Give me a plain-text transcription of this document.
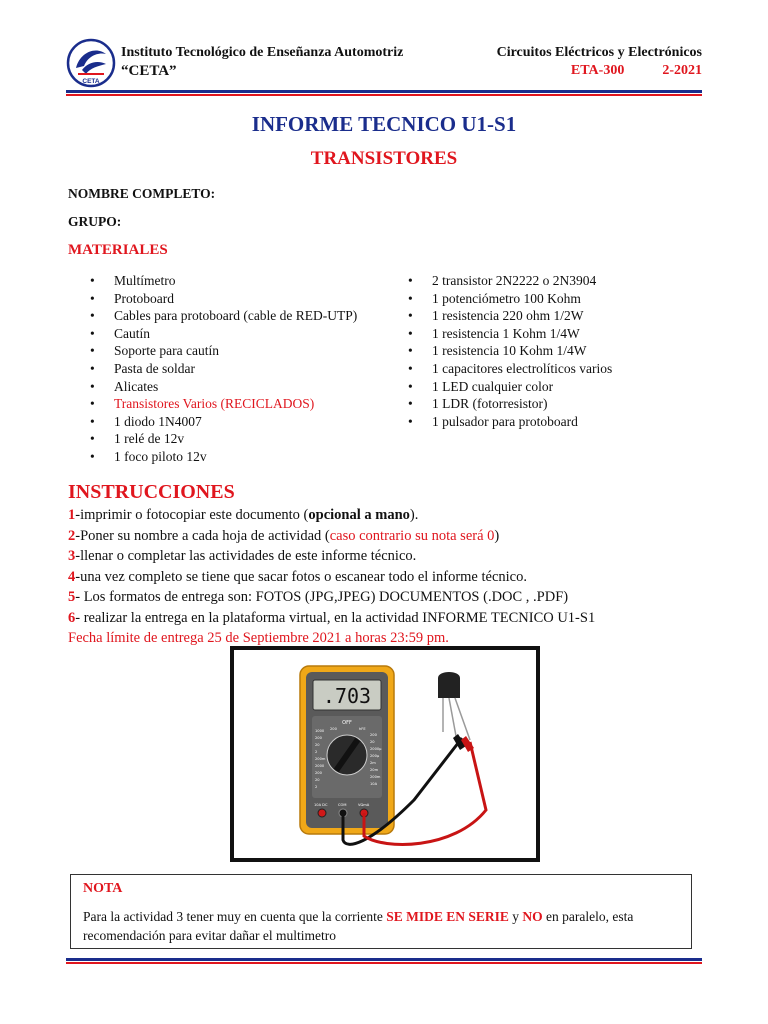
CETA
Instituto Tecnológico de Enseñanza Automotriz
“CETA”
Circuitos Eléctricos y Electrónicos
ETA-300	2-2021
INFORME TECNICO U1-S1
TRANSISTORES
NOMBRE COMPLETO:
GRUPO:
MATERIALES
• Multímetro
• Protoboard
• Cables para protoboard (cable de RED-UTP)
• Cautín
• Soporte para cautín
• Pasta de soldar
• Alicates
• Transistores Varios (RECICLADOS)
• 1 diodo 1N4007
• 1 relé de 12v
• 1 foco piloto 12v
• 2 transistor 2N2222 o 2N3904
• 1 potenciómetro 100 Kohm
• 1 resistencia 220 ohm 1/2W
• 1 resistencia 1 Kohm 1/4W
• 1 resistencia 10 Kohm 1/4W
• 1 capacitores electrolíticos varios
• 1 LED cualquier color
• 1 LDR (fotorresistor)
• 1 pulsador para protoboard
INSTRUCCIONES

1-imprimir o fotocopiar este documento (opcional a mano).

2-Poner su nombre a cada hoja de actividad (caso contrario su nota será 0)

3-llenar o completar las actividades de este informe técnico.

4-una vez completo se tiene que sacar fotos o escanear todo el informe técnico.

5- Los formatos de entrega son: FOTOS (JPG,JPEG) DOCUMENTOS (.DOC , .PDF)

6- realizar la entrega en la plataforma virtual, en la actividad INFORME TECNICO U1-S1

Fecha límite de entrega 25 de Septiembre 2021 a horas 23:59 pm.

.703
OFF
1000
200
20
2
200m
2000
200
20
2
200	hFE
200
20
2000μ
200μ
2m
20m
200m
10A
10A DC	COM	VΩmA
NOTA
Para la actividad 3 tener muy en cuenta que la corriente SE MIDE EN SERIE y NO en paralelo, esta recomendación para evitar dañar el multimetro
